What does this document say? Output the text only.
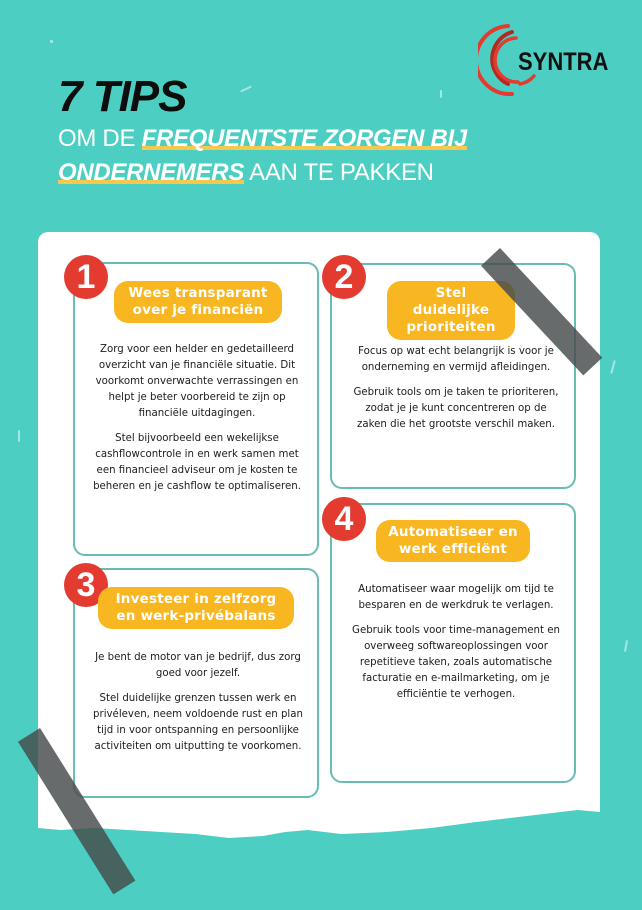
SYNTRA
7 TIPS
OM DE FREQUENTSTE ZORGEN BIJ
ONDERNEMERS AAN TE PAKKEN
1	Wees transparant
over je financiën

Zorg voor een helder en gedetailleerd overzicht van je financiële situatie. Dit voorkomt onverwachte verrassingen en helpt je beter voorbereid te zijn op financiële uitdagingen.

Stel bijvoorbeeld een wekelijkse cashflowcontrole in en werk samen met een financieel adviseur om je kosten te beheren en je cashflow te optimaliseren.

2	Stel duidelijke
prioriteiten

Focus op wat echt belangrijk is voor je onderneming en vermijd afleidingen.

Gebruik tools om je taken te prioriteren, zodat je je kunt concentreren op de zaken die het grootste verschil maken.

4	Automatiseer en
werk efficiënt

Automatiseer waar mogelijk om tijd te besparen en de werkdruk te verlagen.

Gebruik tools voor time-management en overweeg softwareoplossingen voor repetitieve taken, zoals automatische facturatie en e-mailmarketing, om je efficiëntie te verhogen.

3	Investeer in zelfzorg
en werk-privébalans

Je bent de motor van je bedrijf, dus zorg goed voor jezelf.

Stel duidelijke grenzen tussen werk en privéleven, neem voldoende rust en plan tijd in voor ontspanning en persoonlijke activiteiten om uitputting te voorkomen.
